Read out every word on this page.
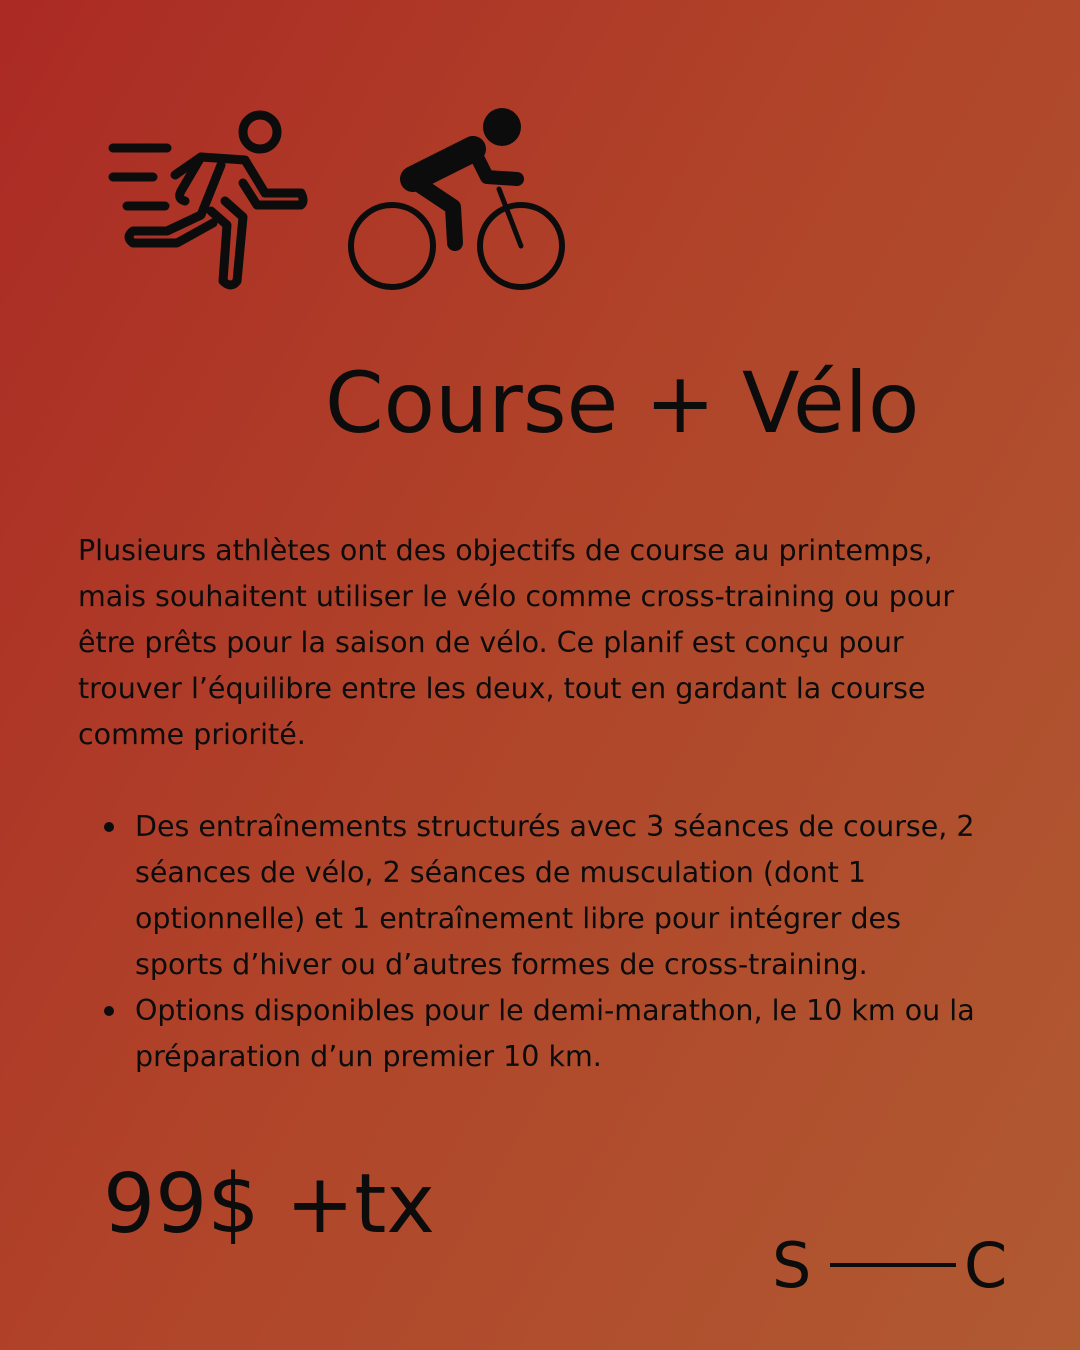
Course + Vélo

Plusieurs athlètes ont des objectifs de course au printemps, mais souhaitent utiliser le vélo comme cross-training ou pour être prêts pour la saison de vélo. Ce planif est conçu pour trouver l’équilibre entre les deux, tout en gardant la course comme priorité.

Des entraînements structurés avec 3 séances de course, 2 séances de vélo, 2 séances de musculation (dont 1 optionnelle) et 1 entraînement libre pour intégrer des sports d’hiver ou d’autres formes de cross-training.
Options disponibles pour le demi-marathon, le 10 km ou la préparation d’un premier 10 km.
99$ +tx
S C
